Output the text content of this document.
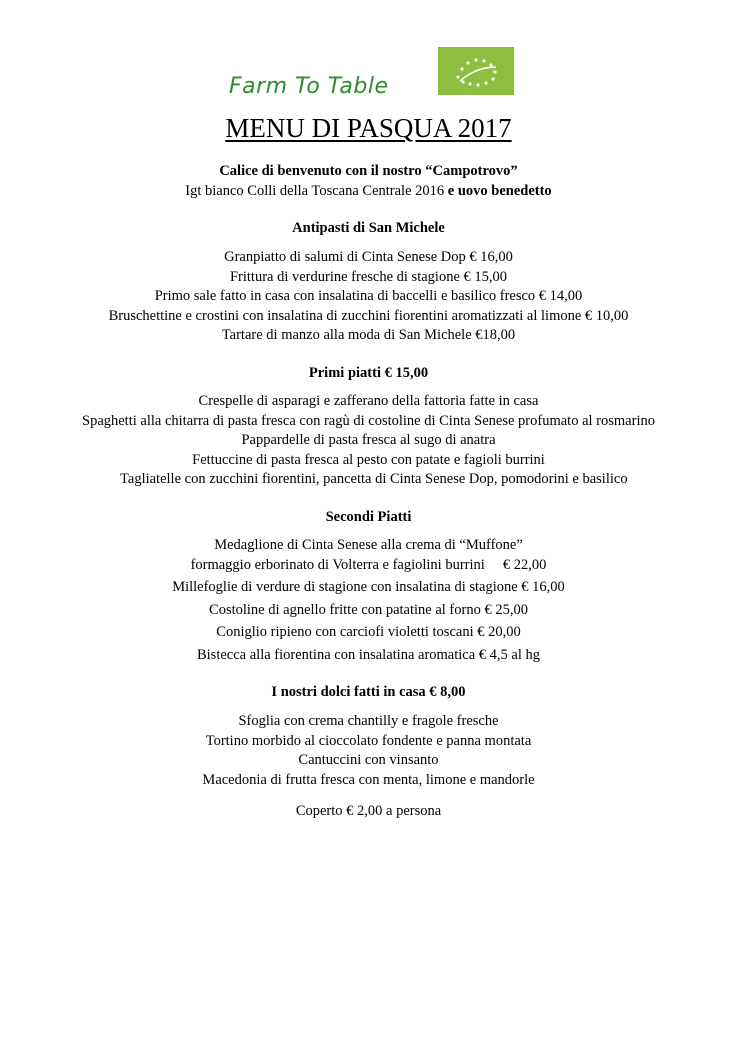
Farm To Table
MENU DI PASQUA 2017
Calice di benvenuto con il nostro “Campotrovo”
Igt bianco Colli della Toscana Centrale 2016 e uovo benedetto
Antipasti di San Michele
Granpiatto di salumi di Cinta Senese Dop € 16,00
Frittura di verdurine fresche di stagione € 15,00
Primo sale fatto in casa con insalatina di baccelli e basilico fresco € 14,00
Bruschettine e crostini con insalatina di zucchini fiorentini aromatizzati al limone € 10,00
Tartare di manzo alla moda di San Michele €18,00
Primi piatti € 15,00
Crespelle di asparagi e zafferano della fattoria fatte in casa
Spaghetti alla chitarra di pasta fresca con ragù di costoline di Cinta Senese profumato al rosmarino
Pappardelle di pasta fresca al sugo di anatra
Fettuccine di pasta fresca al pesto con patate e fagioli burrini
Tagliatelle con zucchini fiorentini, pancetta di Cinta Senese Dop, pomodorini e basilico
Secondi Piatti
Medaglione di Cinta Senese alla crema di “Muffone”
formaggio erborinato di Volterra e fagiolini burrini     € 22,00
Millefoglie di verdure di stagione con insalatina di stagione € 16,00
Costoline di agnello fritte con patatine al forno € 25,00
Coniglio ripieno con carciofi violetti toscani € 20,00
Bistecca alla fiorentina con insalatina aromatica € 4,5 al hg
I nostri dolci fatti in casa € 8,00
Sfoglia con crema chantilly e fragole fresche
Tortino morbido al cioccolato fondente e panna montata
Cantuccini con vinsanto
Macedonia di frutta fresca con menta, limone e mandorle
Coperto € 2,00 a persona
